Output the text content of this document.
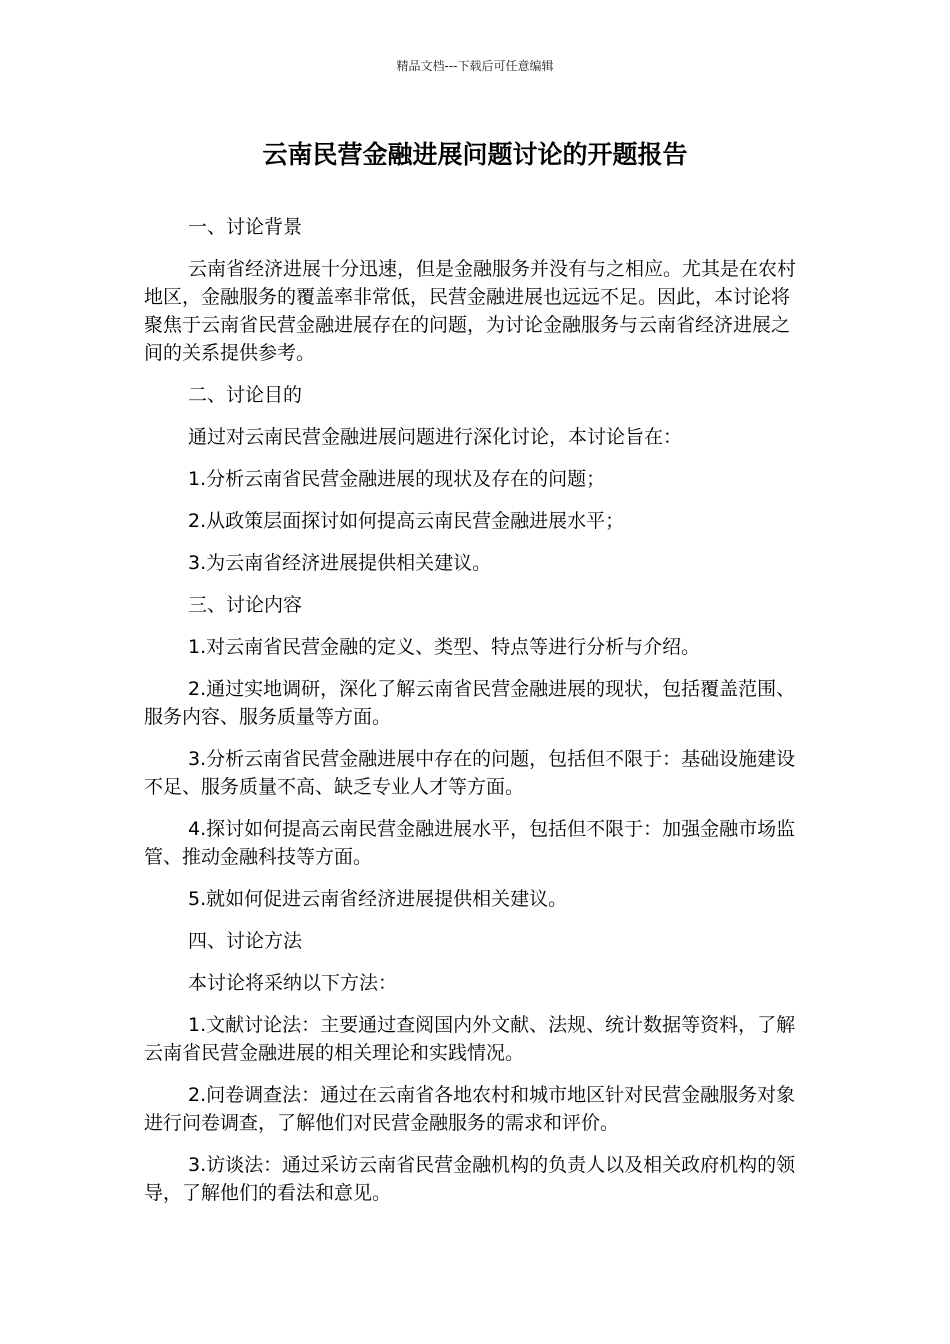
精品文档---下载后可任意编辑
云南民营金融进展问题讨论的开题报告

一、讨论背景

云南省经济进展十分迅速，但是金融服务并没有与之相应。尤其是在农村地区，金融服务的覆盖率非常低，民营金融进展也远远不足。因此，本讨论将聚焦于云南省民营金融进展存在的问题，为讨论金融服务与云南省经济进展之间的关系提供参考。

二、讨论目的

通过对云南民营金融进展问题进行深化讨论，本讨论旨在：

1.分析云南省民营金融进展的现状及存在的问题；

2.从政策层面探讨如何提高云南民营金融进展水平；

3.为云南省经济进展提供相关建议。

三、讨论内容

1.对云南省民营金融的定义、类型、特点等进行分析与介绍。

2.通过实地调研，深化了解云南省民营金融进展的现状，包括覆盖范围、服务内容、服务质量等方面。

3.分析云南省民营金融进展中存在的问题，包括但不限于：基础设施建设不足、服务质量不高、缺乏专业人才等方面。

4.探讨如何提高云南民营金融进展水平，包括但不限于：加强金融市场监管、推动金融科技等方面。

5.就如何促进云南省经济进展提供相关建议。

四、讨论方法

本讨论将采纳以下方法：

1.文献讨论法：主要通过查阅国内外文献、法规、统计数据等资料，了解云南省民营金融进展的相关理论和实践情况。

2.问卷调查法：通过在云南省各地农村和城市地区针对民营金融服务对象进行问卷调查，了解他们对民营金融服务的需求和评价。

3.访谈法：通过采访云南省民营金融机构的负责人以及相关政府机构的领导，了解他们的看法和意见。
